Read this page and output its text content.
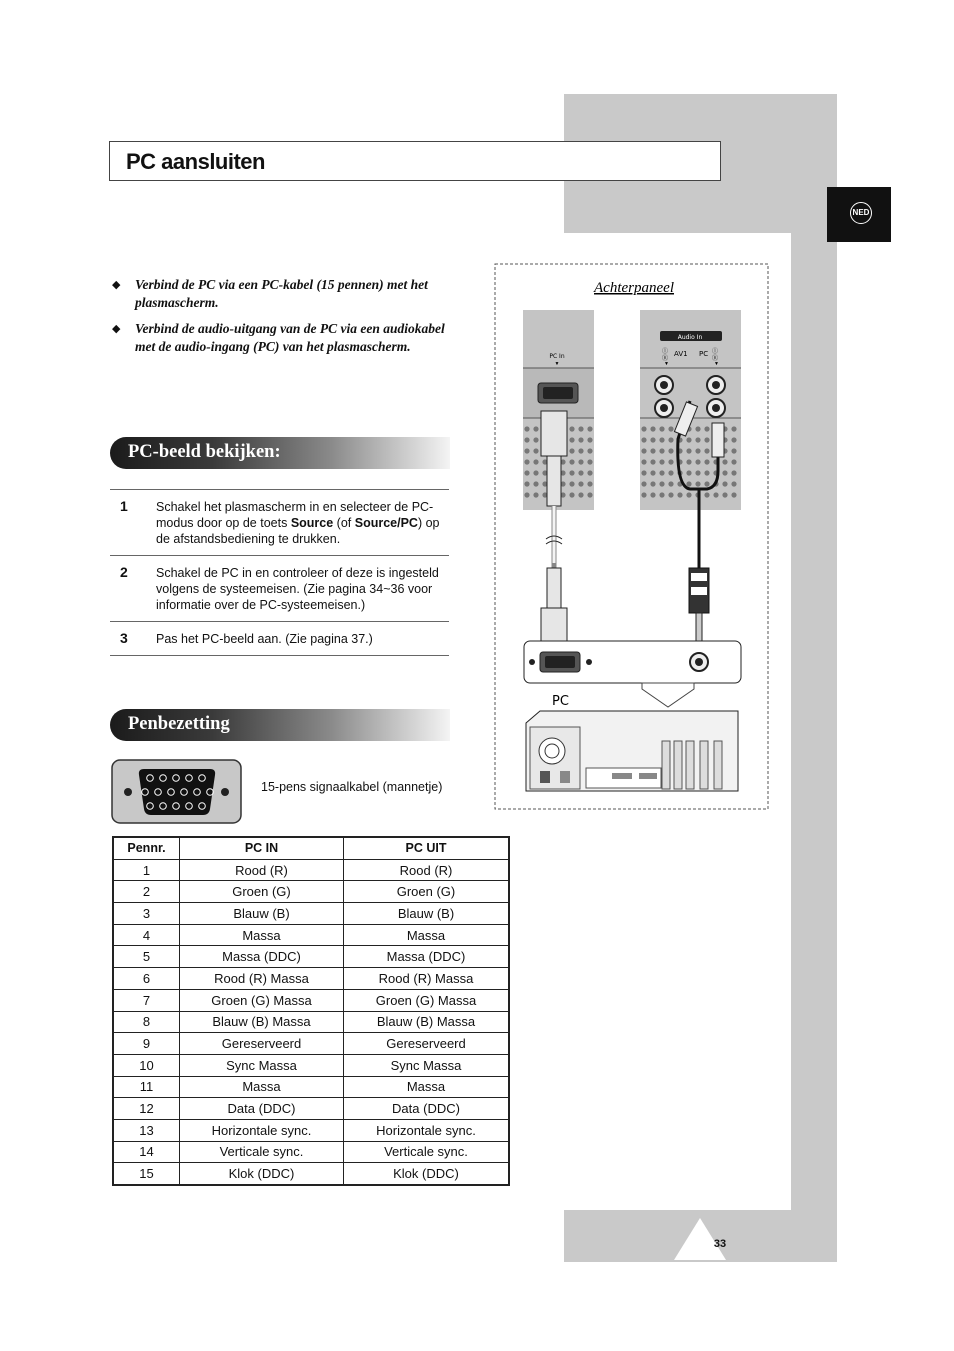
33
NED
PC aansluiten
◆ Verbind de PC via een PC-kabel (15 pennen) met het plasmascherm.
◆ Verbind de audio-uitgang van de PC via een audiokabel met de audio-ingang (PC) van het plasmascherm.
PC-beeld bekijken:
1 Schakel het plasmascherm in en selecteer de PC-modus door op de toets Source (of Source/PC) op de afstandsbediening te drukken.
2 Schakel de PC in en controleer of deze is ingesteld volgens de systeemeisen. (Zie pagina 34~36 voor informatie over de PC-systeemeisen.)
3 Pas het PC-beeld aan. (Zie pagina 37.)
Penbezetting
15-pens signaalkabel (mannetje)
Pennr.	PC IN	PC UIT
1	Rood (R)	Rood (R)
2	Groen (G)	Groen (G)
3	Blauw (B)	Blauw (B)
4	Massa	Massa
5	Massa (DDC)	Massa (DDC)
6	Rood (R) Massa	Rood (R) Massa
7	Groen (G) Massa	Groen (G) Massa
8	Blauw (B) Massa	Blauw (B) Massa
9	Gereserveerd	Gereserveerd
10	Sync Massa	Sync Massa
11	Massa	Massa
12	Data (DDC)	Data (DDC)
13	Horizontale sync.	Horizontale sync.
14	Verticale sync.	Verticale sync.
15	Klok (DDC)	Klok (DDC)
Achterpaneel
PC In
▼
Audio In
ⓛ
Ⓡ
AV1 PC ⓛ
Ⓡ
▼	▼
PC
